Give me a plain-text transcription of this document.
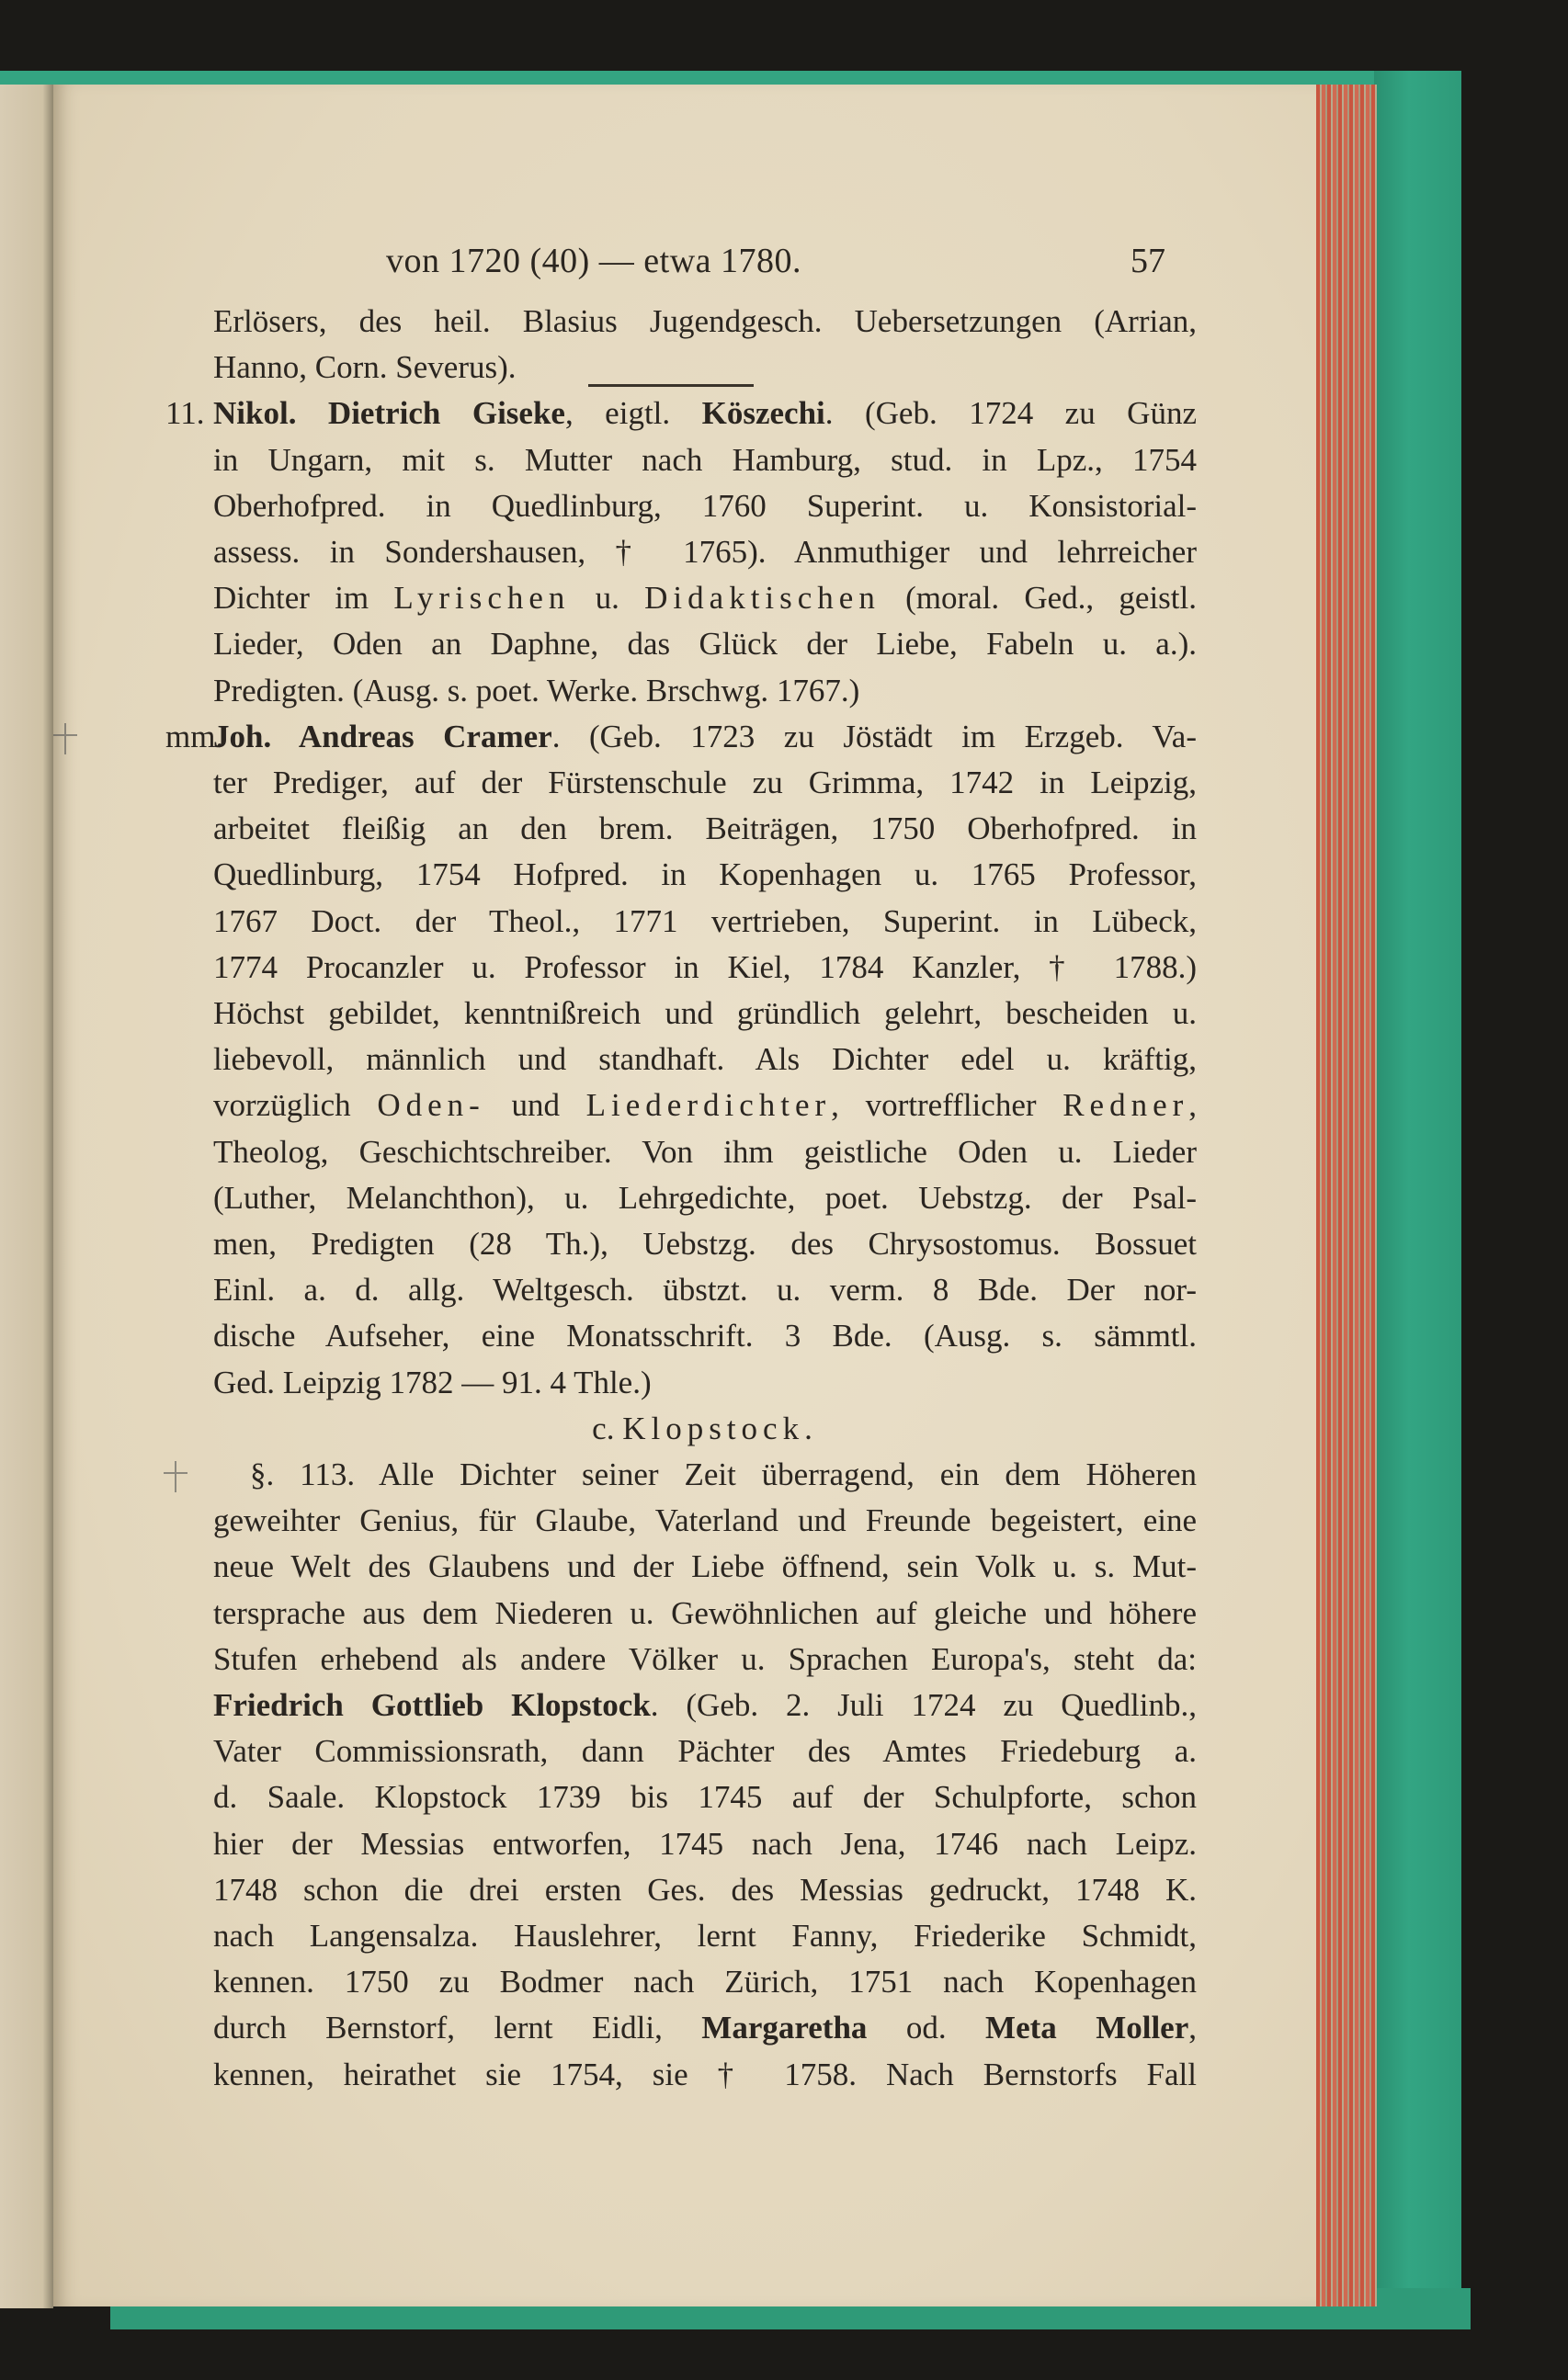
von 1720 (40) — etwa 1780.	57
Erlösers, des heil. Blasius Jugendgesch. Uebersetzungen (Arrian,
Hanno, Corn. Severus).
11. Nikol. Dietrich Giseke, eigtl. Köszechi. (Geb. 1724 zu Günz
in Ungarn, mit s. Mutter nach Hamburg, stud. in Lpz., 1754
Oberhofpred. in Quedlinburg, 1760 Superint. u. Konsistorial-
assess. in Sondershausen, † 1765). Anmuthiger und lehrreicher
Dichter im Lyrischen u. Didaktischen (moral. Ged., geistl.
Lieder, Oden an Daphne, das Glück der Liebe, Fabeln u. a.).
Predigten. (Ausg. s. poet. Werke. Brschwg. 1767.)
mm.
Joh. Andreas Cramer. (Geb. 1723 zu Jöstädt im Erzgeb. Va-
ter Prediger, auf der Fürstenschule zu Grimma, 1742 in Leipzig,
arbeitet fleißig an den brem. Beiträgen, 1750 Oberhofpred. in
Quedlinburg, 1754 Hofpred. in Kopenhagen u. 1765 Professor,
1767 Doct. der Theol., 1771 vertrieben, Superint. in Lübeck,
1774 Procanzler u. Professor in Kiel, 1784 Kanzler, † 1788.)
Höchst gebildet, kenntnißreich und gründlich gelehrt, bescheiden u.
liebevoll, männlich und standhaft. Als Dichter edel u. kräftig,
vorzüglich Oden- und Liederdichter, vortrefflicher Redner,
Theolog, Geschichtschreiber. Von ihm geistliche Oden u. Lieder
(Luther, Melanchthon), u. Lehrgedichte, poet. Uebstzg. der Psal-
men, Predigten (28 Th.), Uebstzg. des Chrysostomus. Bossuet
Einl. a. d. allg. Weltgesch. übstzt. u. verm. 8 Bde. Der nor-
dische Aufseher, eine Monatsschrift. 3 Bde. (Ausg. s. sämmtl.
Ged. Leipzig 1782 — 91. 4 Thle.)
c. Klopstock.
§. 113. Alle Dichter seiner Zeit überragend, ein dem Höheren
geweihter Genius, für Glaube, Vaterland und Freunde begeistert, eine
neue Welt des Glaubens und der Liebe öffnend, sein Volk u. s. Mut-
tersprache aus dem Niederen u. Gewöhnlichen auf gleiche und höhere
Stufen erhebend als andere Völker u. Sprachen Europa's, steht da:
Friedrich Gottlieb Klopstock. (Geb. 2. Juli 1724 zu Quedlinb.,
Vater Commissionsrath, dann Pächter des Amtes Friedeburg a.
d. Saale. Klopstock 1739 bis 1745 auf der Schulpforte, schon
hier der Messias entworfen, 1745 nach Jena, 1746 nach Leipz.
1748 schon die drei ersten Ges. des Messias gedruckt, 1748 K.
nach Langensalza. Hauslehrer, lernt Fanny, Friederike Schmidt,
kennen. 1750 zu Bodmer nach Zürich, 1751 nach Kopenhagen
durch Bernstorf, lernt Eidli, Margaretha od. Meta Moller,
kennen, heirathet sie 1754, sie † 1758. Nach Bernstorfs Fall
